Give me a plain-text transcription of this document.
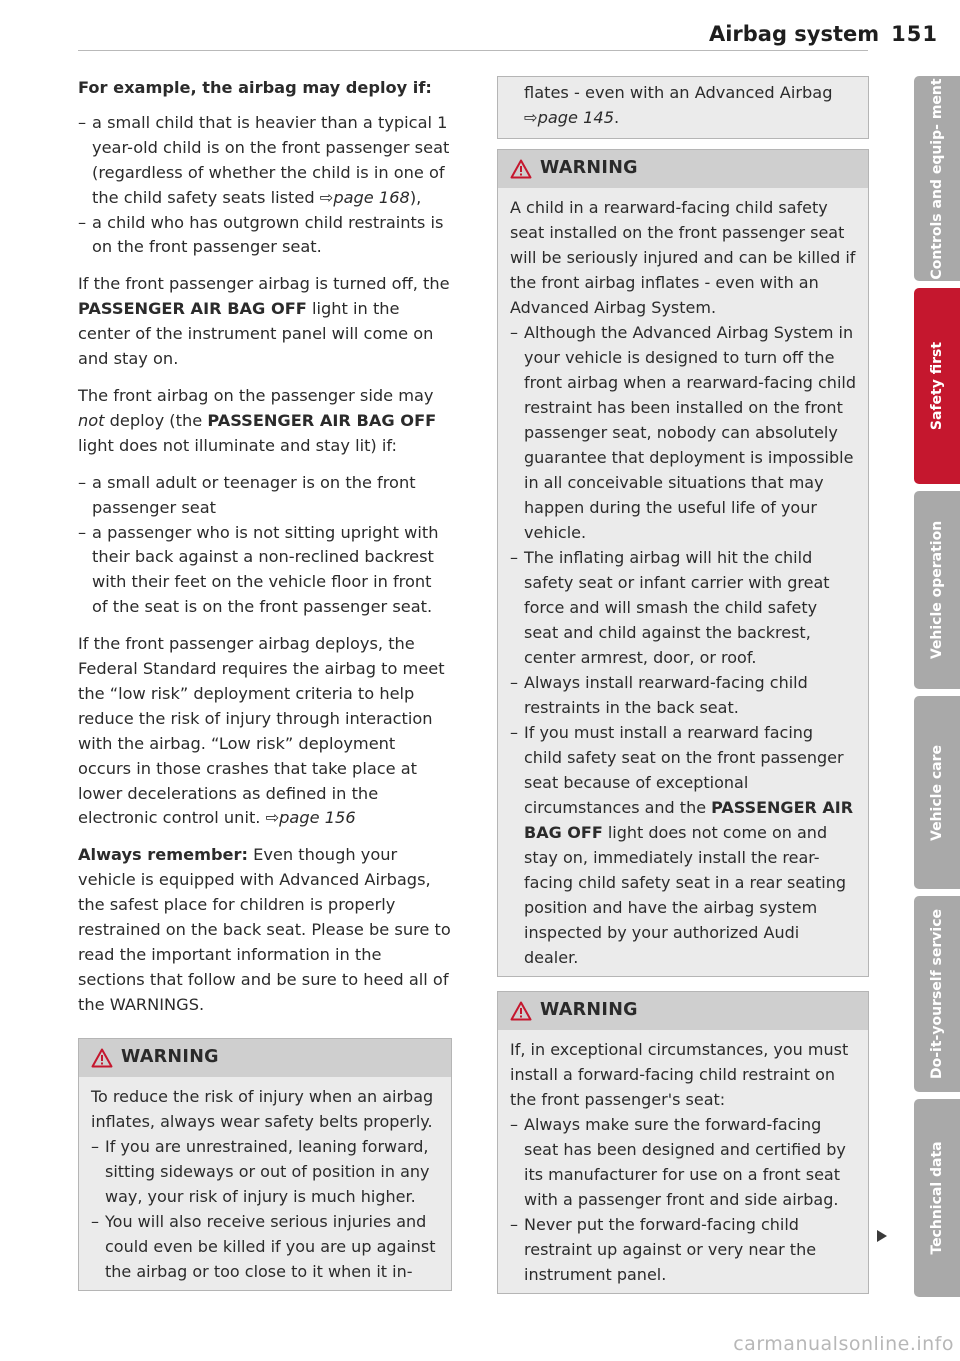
Airbag system 151

For example, the airbag may deploy if:

– a small child that is heavier than a typical 1 year-old child is on the front passenger seat (regardless of whether the child is in one of the child safety seats listed ⇨page 168),
– a child who has outgrown child restraints is on the front passenger seat.

If the front passenger airbag is turned off, the PASSENGER AIR BAG OFF light in the center of the instrument panel will come on and stay on.

The front airbag on the passenger side may not deploy (the PASSENGER AIR BAG OFF light does not illuminate and stay lit) if:

– a small adult or teenager is on the front passenger seat
– a passenger who is not sitting upright with their back against a non-reclined backrest with their feet on the vehicle floor in front of the seat is on the front passenger seat.

If the front passenger airbag deploys, the Federal Standard requires the airbag to meet the “low risk” deployment criteria to help reduce the risk of injury through interaction with the airbag. “Low risk” deployment occurs in those crashes that take place at lower decelerations as defined in the electronic control unit. ⇨page 156

Always remember: Even though your vehicle is equipped with Advanced Airbags, the safest place for children is properly restrained on the back seat. Please be sure to read the important information in the sections that follow and be sure to heed all of the WARNINGS.

WARNING

To reduce the risk of injury when an airbag inflates, always wear safety belts properly.

– If you are unrestrained, leaning forward, sitting sideways or out of position in any way, your risk of injury is much higher.
– You will also receive serious injuries and could even be killed if you are up against the airbag or too close to it when it in-
flates - even with an Advanced Airbag ⇨page 145.
WARNING

A child in a rearward-facing child safety seat installed on the front passenger seat will be seriously injured and can be killed if the front airbag inflates - even with an Advanced Airbag System.

– Although the Advanced Airbag System in your vehicle is designed to turn off the front airbag when a rearward-facing child restraint has been installed on the front passenger seat, nobody can absolutely guarantee that deployment is impossible in all conceivable situations that may happen during the useful life of your vehicle.
– The inflating airbag will hit the child safety seat or infant carrier with great force and will smash the child safety seat and child against the backrest, center armrest, door, or roof.
– Always install rearward-facing child restraints in the back seat.
– If you must install a rearward facing child safety seat on the front passenger seat because of exceptional circumstances and the PASSENGER AIR BAG OFF light does not come on and stay on, immediately install the rear-facing child safety seat in a rear seating position and have the airbag system inspected by your authorized Audi dealer.
WARNING

If, in exceptional circumstances, you must install a forward-facing child restraint on the front passenger's seat:

– Always make sure the forward-facing seat has been designed and certified by its manufacturer for use on a front seat with a passenger front and side airbag.
– Never put the forward-facing child restraint up against or very near the instrument panel.
Controls and equip- ment
Safety first
Vehicle operation
Vehicle care
Do-it-yourself service
Technical data
carmanualsonline.info
